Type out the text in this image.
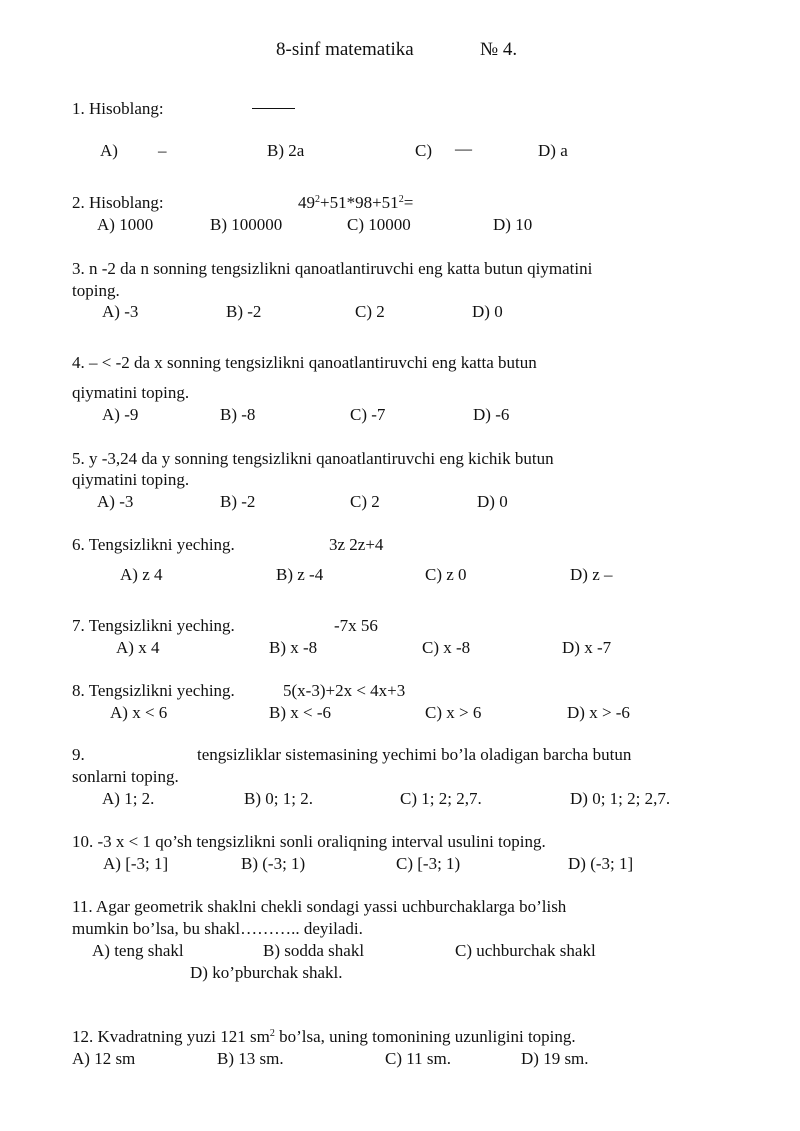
8-sinf matematika	№ 4.
1. Hisoblang:
A) –	B) 2a	C) —	D) a
2. Hisoblang:	$49^2+51*98+51^2=$
A) 1000	B) 100000	C) 10000	D) 10
3. n -2 da n sonning tengsizlikni qanoatlantiruvchi eng katta butun qiymatini
toping.
A) -3	B) -2	C) 2	D) 0
4. – < -2 da x sonning tengsizlikni qanoatlantiruvchi eng katta butun
qiymatini toping.
A) -9	B) -8	C) -7	D) -6
5. y -3,24 da y sonning tengsizlikni qanoatlantiruvchi eng kichik butun
qiymatini toping.
A) -3	B) -2	C) 2	D) 0
6. Tengsizlikni yeching.	3z 2z+4
A) z 4	B) z -4	C) z 0	D) z –
7. Tengsizlikni yeching.	-7x 56
A) x 4	B) x -8	C) x -8	D) x -7
8. Tengsizlikni yeching.	5(x-3)+2x < 4x+3
A) x < 6	B) x < -6	C) x > 6	D) x > -6
9.	tengsizliklar sistemasining yechimi bo’la oladigan barcha butun
sonlarni toping.
A) 1; 2.	B) 0; 1; 2.	C) 1; 2; 2,7.	D) 0; 1; 2; 2,7.
10. -3 x < 1 qo’sh tengsizlikni sonli oraliqning interval usulini toping.
A) [-3; 1]	B) (-3; 1)	C) [-3; 1)	D) (-3; 1]
11. Agar geometrik shaklni chekli sondagi yassi uchburchaklarga bo’lish
mumkin bo’lsa, bu shakl……….. deyiladi.
A) teng shakl	B) sodda shakl	C) uchburchak shakl
D) ko’pburchak shakl.
12. Kvadratning yuzi 121 $sm^2$ bo’lsa, uning tomonining uzunligini toping.
A) 12 sm	B) 13 sm.	C) 11 sm.	D) 19 sm.
